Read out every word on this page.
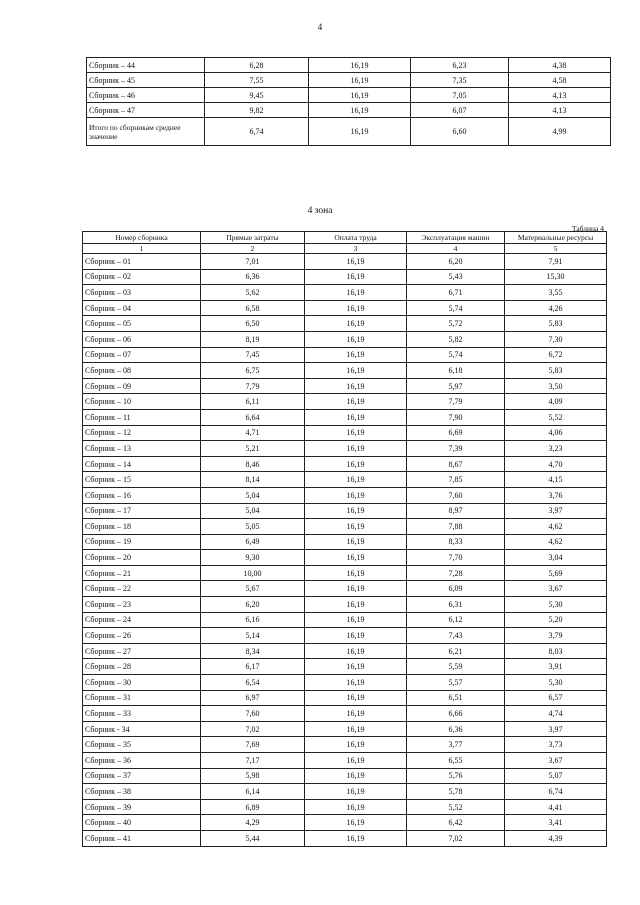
4
Сборник – 44	6,28	16,19	6,23	4,38
Сборник – 45	7,55	16,19	7,35	4,58
Сборник – 46	9,45	16,19	7,05	4,13
Сборник – 47	9,82	16,19	6,07	4,13
Итого по сборникам среднее значение	6,74	16,19	6,60	4,99
4 зона
Таблица 4
Номер сборника	Прямые затраты	Оплата труда	Эксплуатация машин	Материальные ресурсы
1	2	3	4	5
Сборник – 01	7,01	16,19	6,20	7,91
Сборник – 02	6,36	16,19	5,43	15,30
Сборник – 03	5,62	16,19	6,71	3,55
Сборник – 04	6,58	16,19	5,74	4,26
Сборник – 05	6,50	16,19	5,72	5,83
Сборник – 06	8,19	16,19	5,82	7,30
Сборник – 07	7,45	16,19	5,74	6,72
Сборник – 08	6,75	16,19	6,18	5,83
Сборник – 09	7,79	16,19	5,97	3,50
Сборник – 10	6,11	16,19	7,79	4,09
Сборник – 11	6,64	16,19	7,90	5,52
Сборник – 12	4,71	16,19	6,69	4,06
Сборник – 13	5,21	16,19	7,39	3,23
Сборник – 14	8,46	16,19	8,67	4,70
Сборник – 15	8,14	16,19	7,85	4,15
Сборник – 16	5,04	16,19	7,60	3,76
Сборник – 17	5,04	16,19	8,97	3,97
Сборник – 18	5,05	16,19	7,88	4,62
Сборник – 19	6,49	16,19	8,33	4,62
Сборник – 20	9,30	16,19	7,70	3,04
Сборник – 21	10,00	16,19	7,28	5,69
Сборник – 22	5,67	16,19	6,09	3,67
Сборник – 23	6,20	16,19	6,31	5,30
Сборник – 24	6,16	16,19	6,12	5,20
Сборник – 26	5,14	16,19	7,43	3,79
Сборник – 27	8,34	16,19	6,21	8,03
Сборник – 28	6,17	16,19	5,59	3,91
Сборник – 30	6,54	16,19	5,57	5,30
Сборник – 31	6,97	16,19	6,51	6,57
Сборник – 33	7,60	16,19	6,66	4,74
Сборник - 34	7,02	16,19	6,36	3,97
Сборник – 35	7,69	16,19	3,77	3,73
Сборник – 36	7,17	16,19	6,55	3,67
Сборник – 37	5,98	16,19	5,76	5,07
Сборник – 38	6,14	16,19	5,78	6,74
Сборник – 39	6,89	16,19	5,52	4,41
Сборник – 40	4,29	16,19	6,42	3,41
Сборник – 41	5,44	16,19	7,02	4,39
